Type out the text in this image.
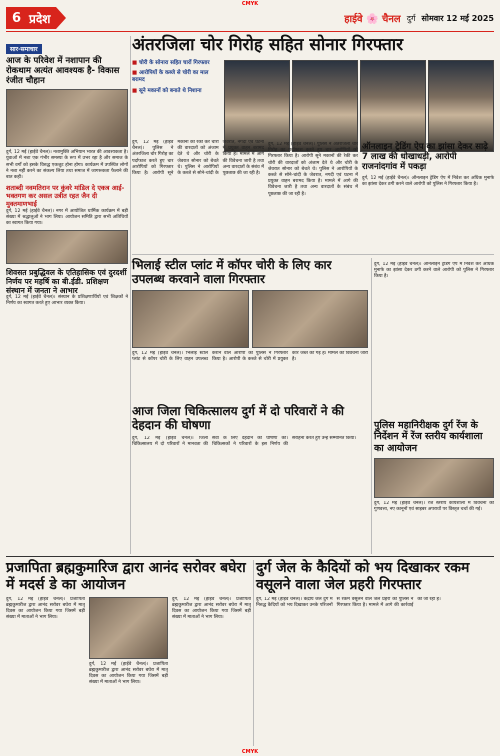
CMYK
6 प्रदेश	हाईवे 🌸 चैनल दुर्ग सोमवार 12 मई 2025
सार-समाचार
आज के परिवेश में नशापान की रोकथाम अत्यंत आवश्यक है- विकास रंजीत चौहान
दुर्ग, 12 मई (हाईवे चैनल)। नशामुक्ति अभियान भारत की आवश्यकता है। युवाओं में नशा एक गंभीर समस्या के रूप में उभर रहा है और समाज के सभी वर्गों को इसके विरुद्ध एकजुट होना होगा। कार्यक्रम में उपस्थित लोगों ने नशा नहीं करने का संकल्प लिया तथा समाज में जागरूकता फैलाने की बात कही।
शताब्दी नवमतिरान पर कुंवरे मांडिल दे एकत्र आई- भक्तगण कर असल उत्रीत रहत जैन दी मुक्तमाणभाई
दुर्ग, 12 मई (हाईवे चैनल)। नगर में आयोजित धार्मिक कार्यक्रम में बड़ी संख्या में श्रद्धालुओं ने भाग लिया। आयोजन समिति द्वारा सभी अतिथियों का स्वागत किया गया।
शिवसत प्रबुद्धिवल के एतिहासिक एवं दुरदर्शी निर्णय पर महर्षि का बी.ईडी. प्रशिक्षण संस्थान में जनता ने आभार
दुर्ग, 12 मई (हाईवे चैनल)। संस्थान के प्रशिक्षणार्थियों एवं शिक्षकों ने निर्णय का स्वागत करते हुए आभार व्यक्त किया।
अंतरजिला चोर गिरोह सहित सोनार गिरफ्तार
■ चोरी के सोनारा सहित चारों गिरफ्तार
■ आरोपियों के कब्जे से चोरी का माल बरामद
■ सूने मकानों को बनाते थे निशाना
दुर्ग, 12 मई (हाईवे चैनल)। पुलिस ने अंतरजिला चोर गिरोह का पर्दाफाश करते हुए चार आरोपियों को गिरफ्तार किया है। आरोपी सूने मकानों की रेकी कर चोरी की वारदातों को अंजाम देते थे और चोरी के जेवरात सोनार को बेचते थे। पुलिस ने आरोपियों के कब्जे से सोने-चांदी के जेवरात, नगदी एवं घटना में प्रयुक्त वाहन बरामद किया है। मामले में आगे की विवेचना जारी है तथा अन्य वारदातों के संबंध में पूछताछ की जा रही है।
दुर्ग, 12 मई (हाईवे चैनल)। पुलिस ने अंतरजिला चोर गिरोह का पर्दाफाश करते हुए चार आरोपियों को गिरफ्तार किया है। आरोपी सूने मकानों की रेकी कर चोरी की वारदातों को अंजाम देते थे और चोरी के जेवरात सोनार को बेचते थे। पुलिस ने आरोपियों के कब्जे से सोने-चांदी के जेवरात, नगदी एवं घटना में प्रयुक्त वाहन बरामद किया है। मामले में आगे की विवेचना जारी है तथा अन्य वारदातों के संबंध में पूछताछ की जा रही है।
ऑनलाइन ट्रेडिंग ऐप का झांसा देकर साढ़े 7 लाख की धोखाधड़ी, आरोपी राजनांदगांव में पकड़ा
दुर्ग, 12 मई (हाईवे चैनल)। ऑनलाइन ट्रेडिंग ऐप में निवेश कर अधिक मुनाफे का झांसा देकर ठगी करने वाले आरोपी को पुलिस ने गिरफ्तार किया है।
भिलाई स्टील प्लांट में कॉपर चोरी के लिए कार उपलब्ध करवाने वाला गिरफ्तार
दुर्ग, 12 मई (हाईवे चैनल)। भिलाई स्टील प्लांट से कॉपर चोरी के लिए वाहन उपलब्ध कराने वाले आरोपी को पुलिस ने गिरफ्तार किया है। आरोपी के कब्जे से चोरी में प्रयुक्त कार जब्त की गई है। मामले की विवेचना जारी है।
दुर्ग, 12 मई (हाईवे चैनल)। ऑनलाइन ट्रेडिंग ऐप में निवेश कर अधिक मुनाफे का झांसा देकर ठगी करने वाले आरोपी को पुलिस ने गिरफ्तार किया है।
आज जिला चिकित्सालय दुर्ग में दो परिवारों ने की देहदान की घोषणा
दुर्ग, 12 मई (हाईवे चैनल)। जिला चिकित्सालय में दो परिवारों ने मानवता की सेवा के लिए देहदान की घोषणा की। चिकित्सकों ने परिवारों के इस निर्णय की सराहना करते हुए उन्हें सम्मानित किया।
पुलिस महानिरीक्षक दुर्ग रेंज के निर्देशन में रेंज स्तरीय कार्यशाला का आयोजन
दुर्ग, 12 मई (हाईवे चैनल)। रेंज स्तरीय कार्यशाला में विवेचना की गुणवत्ता, नए कानूनों एवं साइबर अपराधों पर विस्तृत चर्चा की गई।
प्रजापिता ब्रह्मकुमारिज द्वारा आनंद सरोवर बघेरा में मदर्स डे का आयोजन
दुर्ग, 12 मई (हाईवे चैनल)। प्रजापिता ब्रह्मकुमारीज द्वारा आनंद सरोवर बघेरा में मातृ दिवस का आयोजन किया गया जिसमें बड़ी संख्या में माताओं ने भाग लिया।
दुर्ग, 12 मई (हाईवे चैनल)। प्रजापिता ब्रह्मकुमारीज द्वारा आनंद सरोवर बघेरा में मातृ दिवस का आयोजन किया गया जिसमें बड़ी संख्या में माताओं ने भाग लिया।
दुर्ग, 12 मई (हाईवे चैनल)। प्रजापिता ब्रह्मकुमारीज द्वारा आनंद सरोवर बघेरा में मातृ दिवस का आयोजन किया गया जिसमें बड़ी संख्या में माताओं ने भाग लिया।
दुर्ग जेल के कैदियों को भय दिखाकर रकम वसूलने वाला जेल प्रहरी गिरफ्तार
दुर्ग, 12 मई (हाईवे चैनल)। केंद्रीय जेल दुर्ग में निरुद्ध कैदियों को भय दिखाकर उनके परिजनों से रकम वसूलने वाले जेल प्रहरी को पुलिस ने गिरफ्तार किया है। मामले में आगे की कार्रवाई की जा रही है।
CMYK
